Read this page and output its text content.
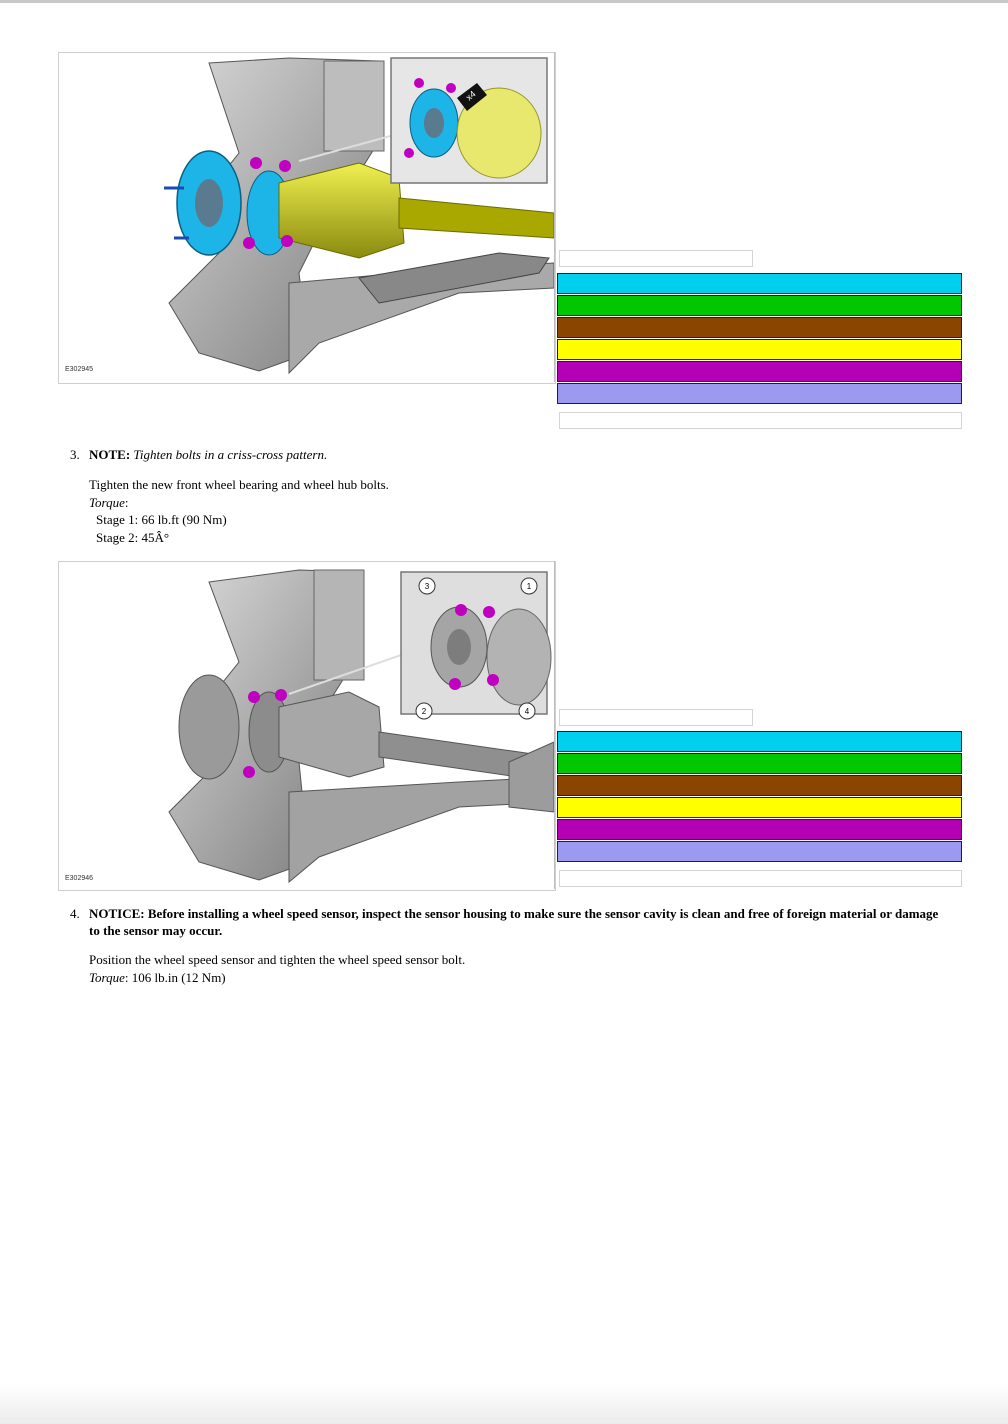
x4
E302945
3. NOTE: Tighten bolts in a criss-cross pattern.
Tighten the new front wheel bearing and wheel hub bolts.
Torque:
Stage 1: 66 lb.ft (90 Nm)
Stage 2: 45Â°
3	1
2	4
E302946
4. NOTICE: Before installing a wheel speed sensor, inspect the sensor housing to make sure the sensor cavity is clean and free of foreign material or damage to the sensor may occur.
Position the wheel speed sensor and tighten the wheel speed sensor bolt.
Torque: 106 lb.in (12 Nm)
